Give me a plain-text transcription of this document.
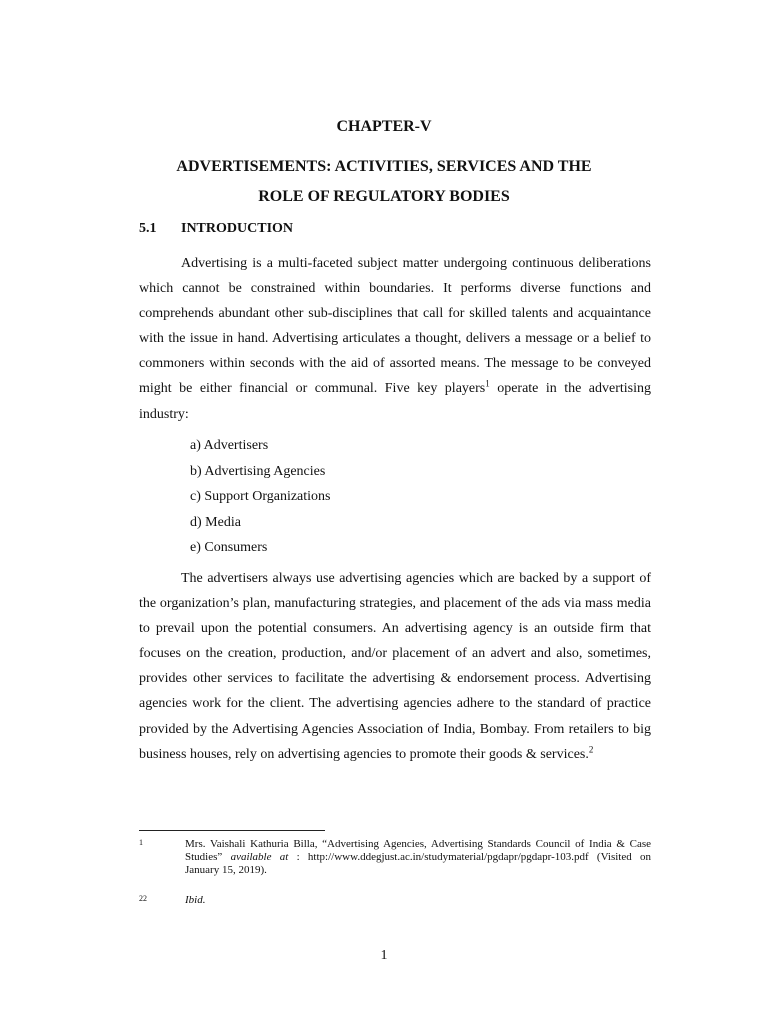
CHAPTER-V
ADVERTISEMENTS: ACTIVITIES, SERVICES AND THE
ROLE OF REGULATORY BODIES
5.1 INTRODUCTION

Advertising is a multi-faceted subject matter undergoing continuous deliberations which cannot be constrained within boundaries. It performs diverse functions and comprehends abundant other sub-disciplines that call for skilled talents and acquaintance with the issue in hand. Advertising articulates a thought, delivers a message or a belief to commoners within seconds with the aid of assorted means. The message to be conveyed might be either financial or communal. Five key players$^1$ operate in the advertising industry:

a) Advertisers
b) Advertising Agencies
c) Support Organizations
d) Media
e) Consumers

The advertisers always use advertising agencies which are backed by a support of the organization’s plan, manufacturing strategies, and placement of the ads via mass media to prevail upon the potential consumers. An advertising agency is an outside firm that focuses on the creation, production, and/or placement of an advert and also, sometimes, provides other services to facilitate the advertising & endorsement process. Advertising agencies work for the client. The advertising agencies adhere to the standard of practice provided by the Advertising Agencies Association of India, Bombay. From retailers to big business houses, rely on advertising agencies to promote their goods & services.$^2$

1	Mrs. Vaishali Kathuria Billa, “Advertising Agencies, Advertising Standards Council of India & Case Studies” available at : http://www.ddegjust.ac.in/studymaterial/pgdapr/pgdapr-103.pdf (Visited on January 15, 2019).
22	Ibid.
1
